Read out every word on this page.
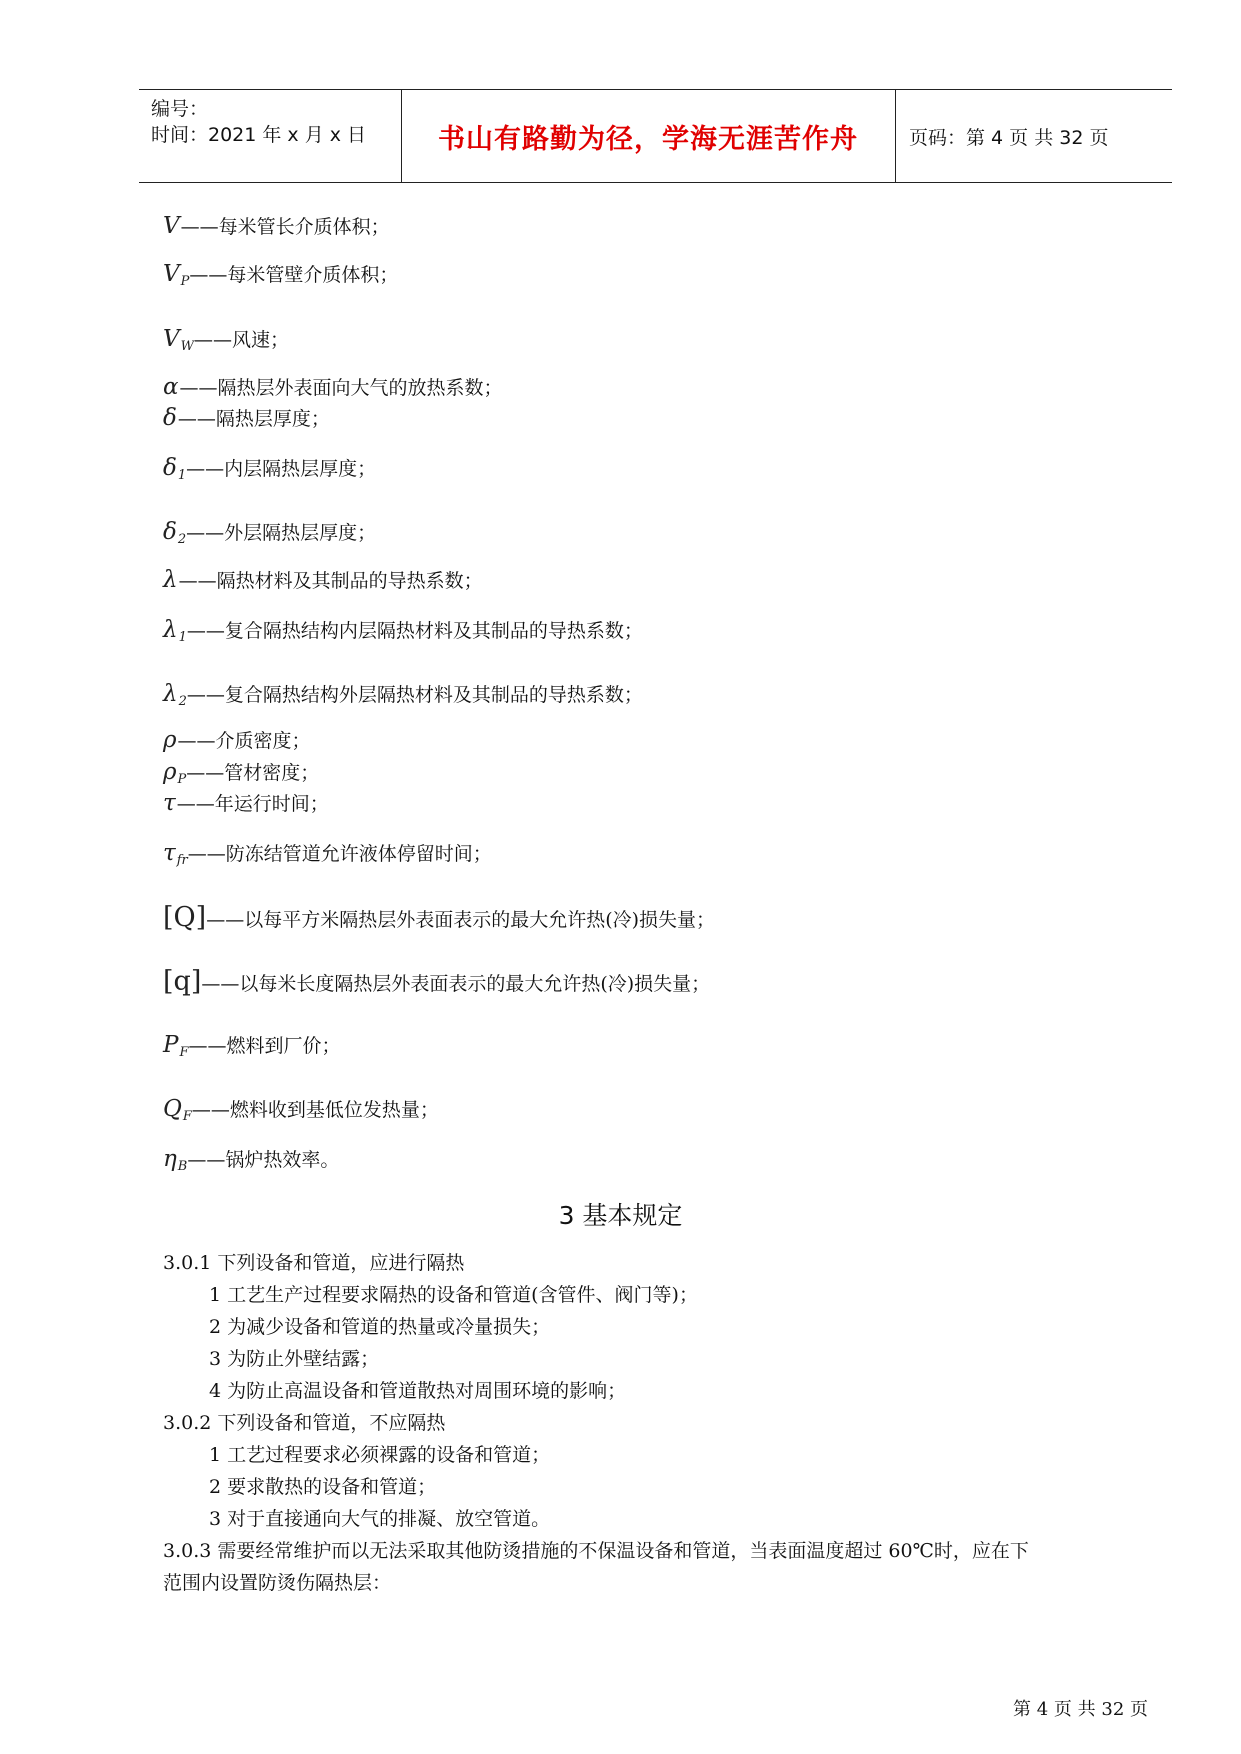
编号：
时间：2021 年 x 月 x 日	书山有路勤为径，学海无涯苦作舟	页码：第 4 页 共 32 页
V ——每米管长介质体积；
$V_P$ ——每米管壁介质体积；
$V_W$ ——风速；
α ——隔热层外表面向大气的放热系数；
δ ——隔热层厚度；
$\delta_1$ ——内层隔热层厚度；
$\delta_2$ ——外层隔热层厚度；
λ ——隔热材料及其制品的导热系数；
$\lambda_1$ ——复合隔热结构内层隔热材料及其制品的导热系数；
$\lambda_2$ ——复合隔热结构外层隔热材料及其制品的导热系数；
ρ ——介质密度；
$\rho_P$ ——管材密度；
τ ——年运行时间；
$\tau_{fr}$ ——防冻结管道允许液体停留时间；
[Q] ——以每平方米隔热层外表面表示的最大允许热(冷)损失量；
[q] ——以每米长度隔热层外表面表示的最大允许热(冷)损失量；
$P_F$ ——燃料到厂价；
$Q_F$ ——燃料收到基低位发热量；
$\eta_B$ ——锅炉热效率。
3 基本规定
3.0.1 下列设备和管道，应进行隔热
1 工艺生产过程要求隔热的设备和管道(含管件、阀门等)；
2 为减少设备和管道的热量或冷量损失；
3 为防止外壁结露；
4 为防止高温设备和管道散热对周围环境的影响；
3.0.2 下列设备和管道，不应隔热
1 工艺过程要求必须裸露的设备和管道；
2 要求散热的设备和管道；
3 对于直接通向大气的排凝、放空管道。
3.0.3 需要经常维护而以无法采取其他防烫措施的不保温设备和管道，当表面温度超过 60℃时，应在下
范围内设置防烫伤隔热层：
第 4 页 共 32 页
